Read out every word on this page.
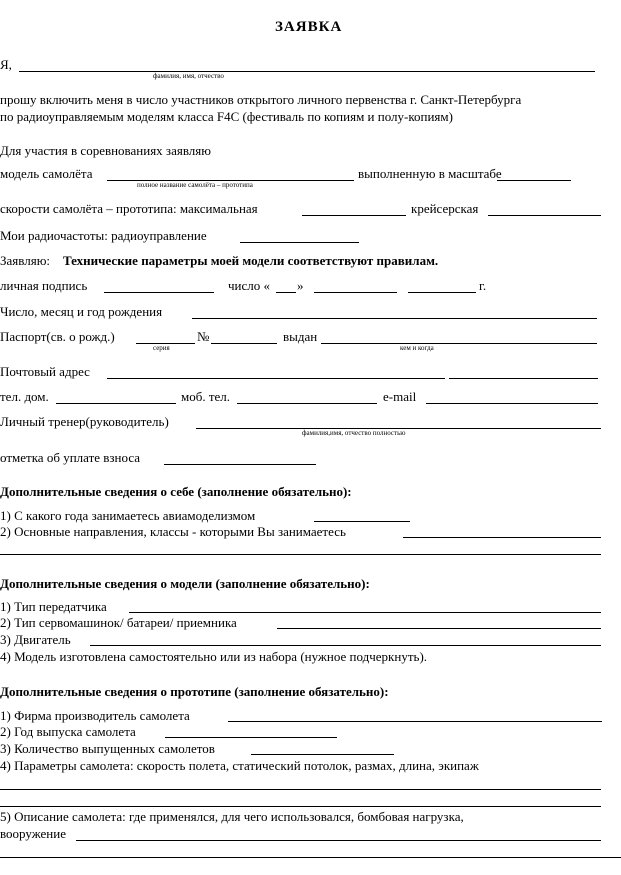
ЗАЯВКА
Я,
фамилия, имя, отчество
прошу включить меня в число участников открытого личного первенства г. Санкт-Петербурга
по радиоуправляемым моделям класса F4C (фестиваль по копиям и полу-копиям)
Для участия в соревнованиях заявляю
модель самолёта
полное название самолёта – прототипа
выполненную в масштабе
скорости самолёта – прототипа: максимальная	крейсерская
Мои радиочастоты: радиоуправление
Заявляю: Технические параметры моей модели соответствуют правилам.
личная подпись	число « »	г.
Число, месяц и год рождения
Паспорт(св. о рожд.)	№	выдан
серия	кем и когда
Почтовый адрес
тел. дом.	моб. тел.	e-mail
Личный тренер(руководитель)
фамилия,имя, отчество полностью
отметка об уплате взноса
Дополнительные сведения о себе (заполнение обязательно):
1) С какого года занимаетесь авиамоделизмом
2) Основные направления, классы - которыми Вы занимаетесь
Дополнительные сведения о модели (заполнение обязательно):
1) Тип передатчика
2) Тип сервомашинок/ батареи/ приемника
3) Двигатель
4) Модель изготовлена самостоятельно или из набора (нужное подчеркнуть).
Дополнительные сведения о прототипе (заполнение обязательно):
1) Фирма производитель самолета
2) Год выпуска самолета
3) Количество выпущенных самолетов
4) Параметры самолета: скорость полета, статический потолок, размах, длина, экипаж
5) Описание самолета: где применялся, для чего использовался, бомбовая нагрузка,
вооружение
